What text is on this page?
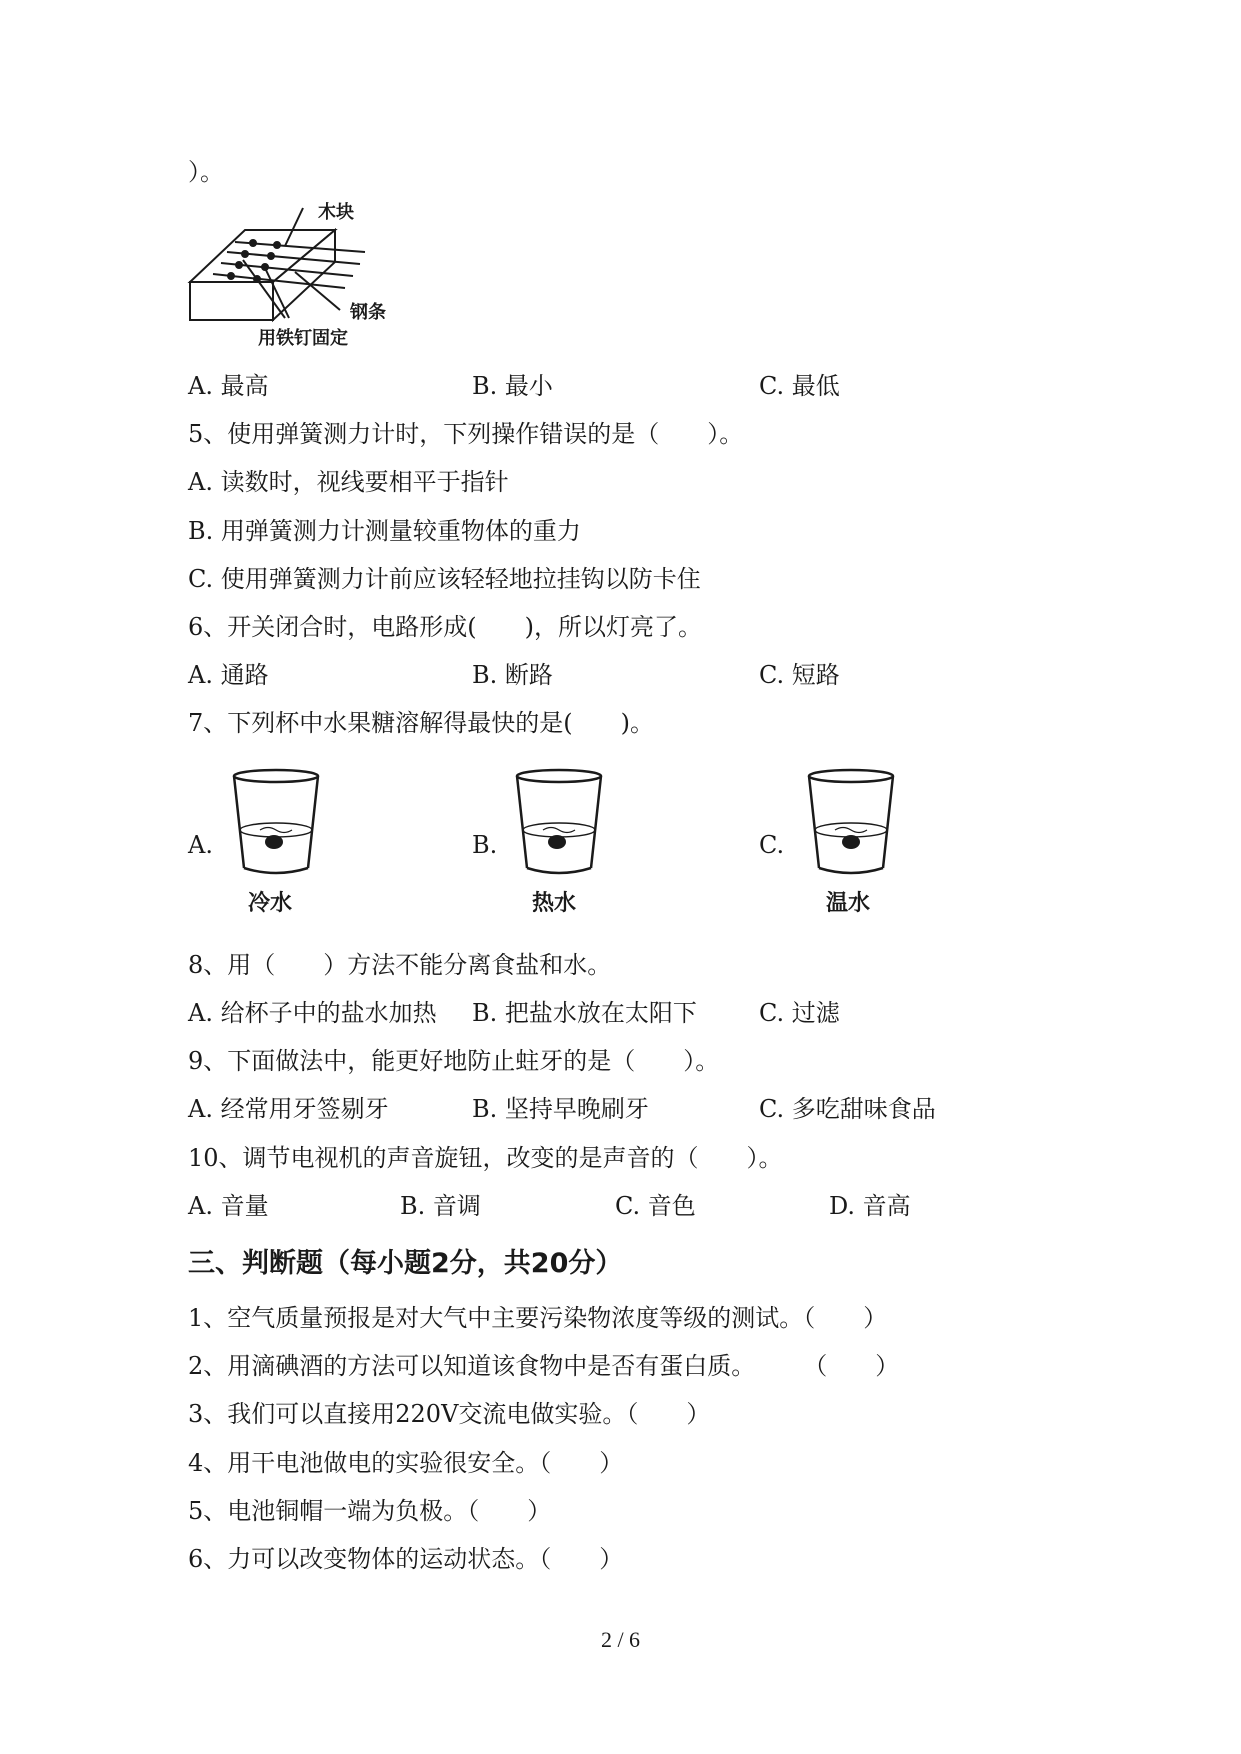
）。
木块
钢条
用铁钉固定
A. 最高	B. 最小	C. 最低
5、使用弹簧测力计时，下列操作错误的是（　　）。
A. 读数时，视线要相平于指针
B. 用弹簧测力计测量较重物体的重力
C. 使用弹簧测力计前应该轻轻地拉挂钩以防卡住
6、开关闭合时，电路形成(　　)，所以灯亮了。
A. 通路	B. 断路	C. 短路
7、下列杯中水果糖溶解得最快的是(　　)。
A.
冷水
B.
热水
C.
温水
8、用（　　）方法不能分离食盐和水。
A. 给杯子中的盐水加热 B. 把盐水放在太阳下	C. 过滤
9、下面做法中，能更好地防止蛀牙的是（　　）。
A. 经常用牙签剔牙	B. 坚持早晚刷牙	C. 多吃甜味食品
10、调节电视机的声音旋钮，改变的是声音的（　　）。
A. 音量	B. 音调	C. 音色	D. 音高
三、判断题（每小题2分，共20分）
1、空气质量预报是对大气中主要污染物浓度等级的测试。（　　）
2、用滴碘酒的方法可以知道该食物中是否有蛋白质。　　　（　　）
3、我们可以直接用220V交流电做实验。（　　）
4、用干电池做电的实验很安全。（　　）
5、电池铜帽一端为负极。（　　）
6、力可以改变物体的运动状态。（　　）
2 / 6
